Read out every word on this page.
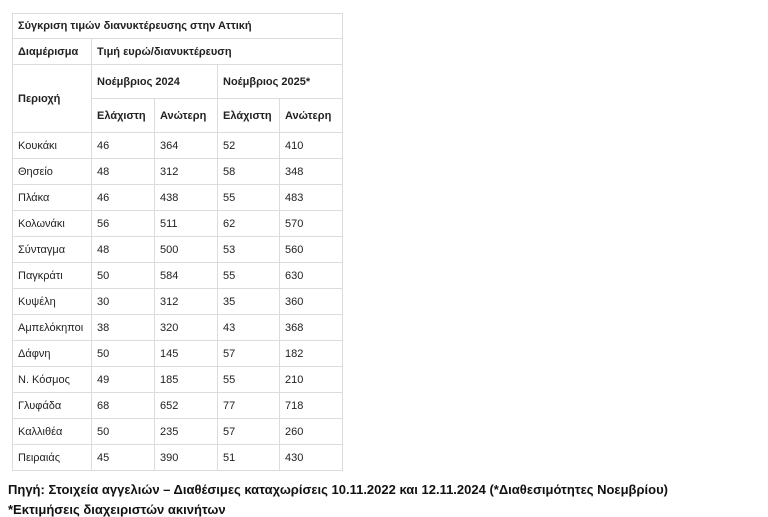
Σύγκριση τιμών διανυκτέρευσης στην Αττική				
Διαμέρισμα	Τιμή ευρώ/διανυκτέρευση			
Περιοχή	Νοέμβριος 2024		Νοέμβριος 2025*	
	Ελάχιστη	Ανώτερη	Ελάχιστη	Ανώτερη
Κουκάκι	46	364	52	410
Θησείο	48	312	58	348
Πλάκα	46	438	55	483
Κολωνάκι	56	511	62	570
Σύνταγμα	48	500	53	560
Παγκράτι	50	584	55	630
Κυψέλη	30	312	35	360
Αμπελόκηποι	38	320	43	368
Δάφνη	50	145	57	182
Ν. Κόσμος	49	185	55	210
Γλυφάδα	68	652	77	718
Καλλιθέα	50	235	57	260
Πειραιάς	45	390	51	430
Πηγή: Στοιχεία αγγελιών – Διαθέσιμες καταχωρίσεις 10.11.2022 και 12.11.2024 (*Διαθεσιμότητες Νοεμβρίου)
*Εκτιμήσεις διαχειριστών ακινήτων
